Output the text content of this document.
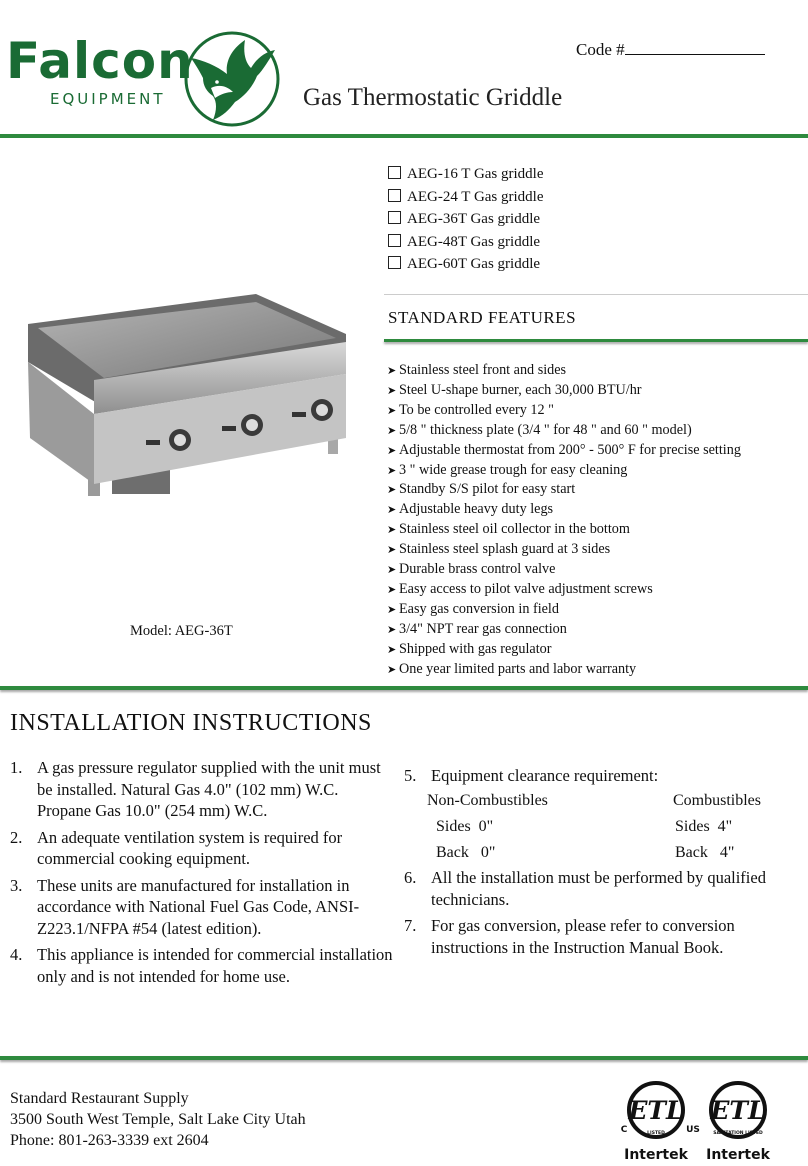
Falcon
EQUIPMENT	Gas Thermostatic Griddle
Code #
AEG-16 T Gas griddle
AEG-24 T Gas griddle
AEG-36T Gas griddle
AEG-48T Gas griddle
AEG-60T Gas griddle
Model: AEG-36T
STANDARD FEATURES
➤ Stainless steel front and sides
➤ Steel U-shape burner, each 30,000 BTU/hr
➤ To be controlled every 12 "
➤ 5/8 " thickness plate (3/4 " for 48 " and 60 " model)
➤ Adjustable thermostat from 200° - 500° F for precise setting
➤ 3 " wide grease trough for easy cleaning
➤ Standby S/S pilot for easy start
➤ Adjustable heavy duty legs
➤ Stainless steel oil collector in the bottom
➤ Stainless steel splash guard at 3 sides
➤ Durable brass control valve
➤ Easy access to pilot valve adjustment screws
➤ Easy gas conversion in field
➤ 3/4" NPT rear gas connection
➤ Shipped with gas regulator
➤ One year limited parts and labor warranty
INSTALLATION INSTRUCTIONS
1. A gas pressure regulator supplied with the unit must be installed. Natural Gas 4.0" (102 mm) W.C. Propane Gas 10.0" (254 mm) W.C.
2. An adequate ventilation system is required for commercial cooking equipment.
3. These units are manufactured for installation in accordance with National Fuel Gas Code, ANSI-Z223.1/NFPA #54 (latest edition).
4. This appliance is intended for commercial installation only and is not intended for home use.
5. Equipment clearance requirement:
Non-Combustibles	Combustibles
Sides  0"	Sides  4"
Back   0"	Back   4"
6. All the installation must be performed by qualified technicians.
7. For gas conversion, please refer to conversion instructions in the Instruction Manual Book.
Standard Restaurant Supply
3500 South West Temple, Salt Lake City Utah
Phone: 801-263-3339 ext 2604
ETL
C	US
LISTED
Intertek
ETL
SANITATION LISTED
Intertek
